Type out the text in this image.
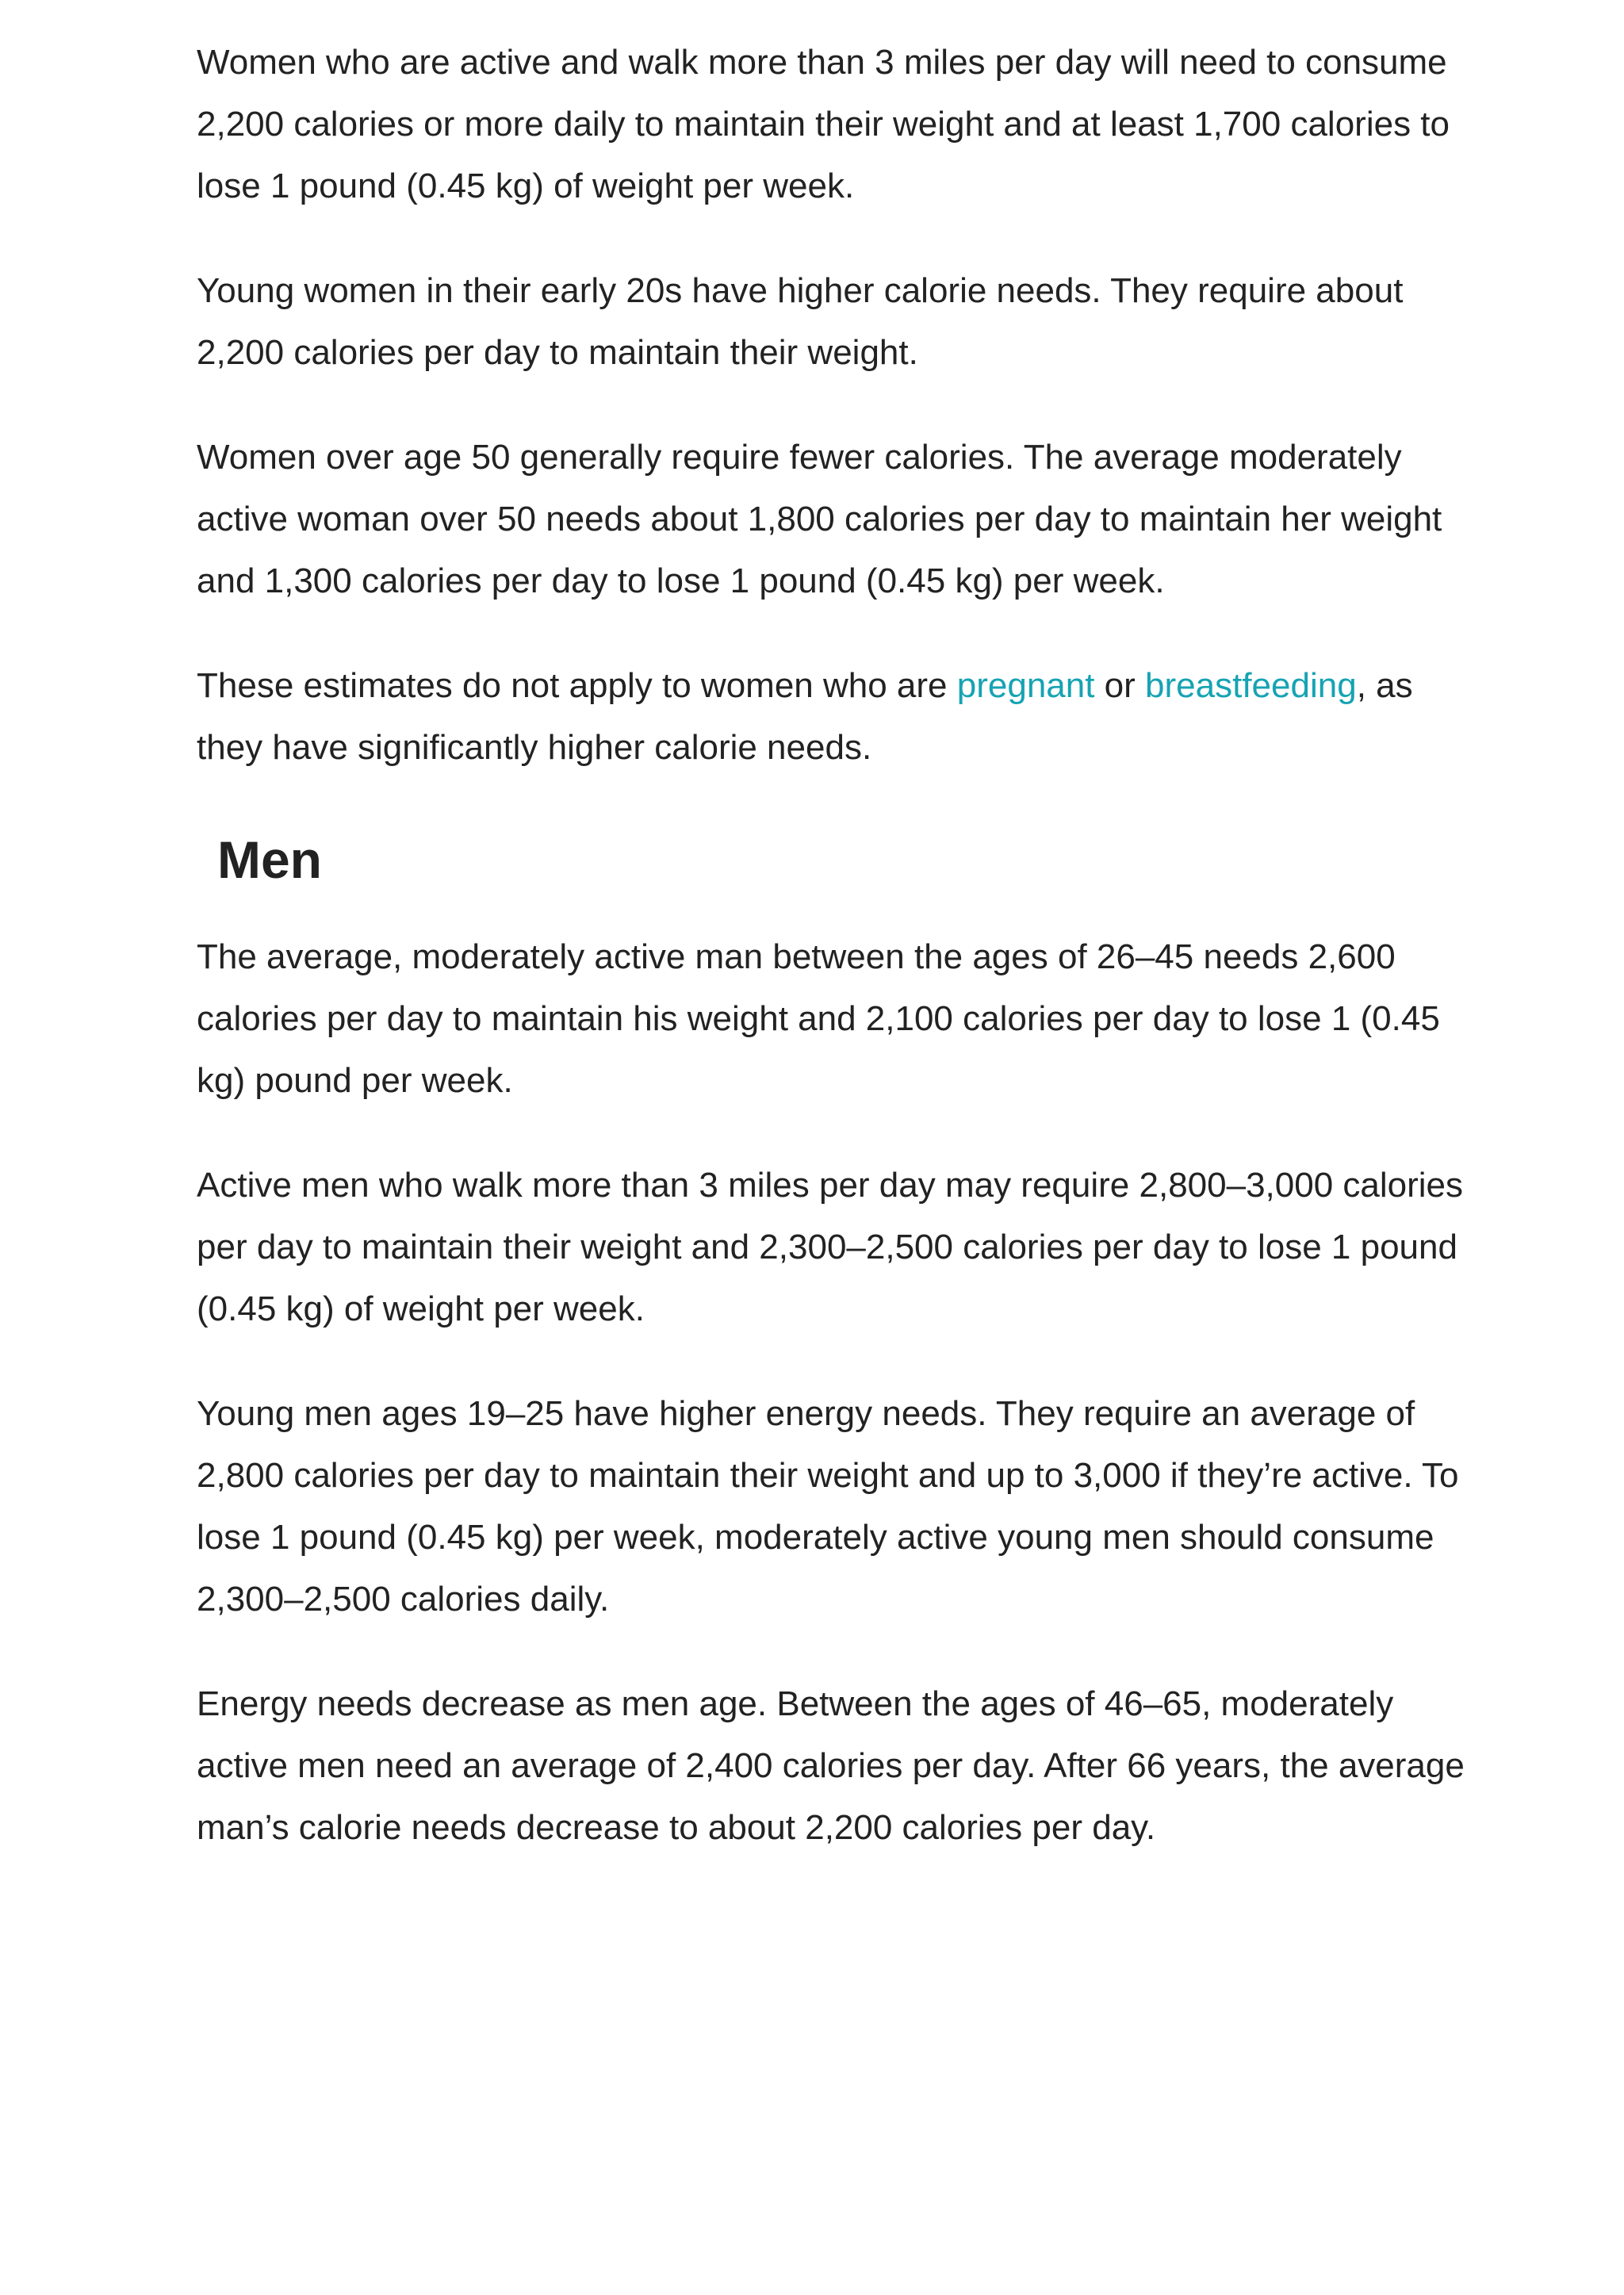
Women who are active and walk more than 3 miles per day will need to consume 2,200 calories or more daily to maintain their weight and at least 1,700 calories to lose 1 pound (0.45 kg) of weight per week.

Young women in their early 20s have higher calorie needs. They require about 2,200 calories per day to maintain their weight.

Women over age 50 generally require fewer calories. The average moderately active woman over 50 needs about 1,800 calories per day to maintain her weight and 1,300 calories per day to lose 1 pound (0.45 kg) per week.

These estimates do not apply to women who are pregnant or breastfeeding, as they have significantly higher calorie needs.

Men

The average, moderately active man between the ages of 26–45 needs 2,600 calories per day to maintain his weight and 2,100 calories per day to lose 1 (0.45 kg) pound per week.

Active men who walk more than 3 miles per day may require 2,800–3,000 calories per day to maintain their weight and 2,300–2,500 calories per day to lose 1 pound (0.45 kg) of weight per week.

Young men ages 19–25 have higher energy needs. They require an average of 2,800 calories per day to maintain their weight and up to 3,000 if they’re active. To lose 1 pound (0.45 kg) per week, moderately active young men should consume 2,300–2,500 calories daily.

Energy needs decrease as men age. Between the ages of 46–65, moderately active men need an average of 2,400 calories per day. After 66 years, the average man’s calorie needs decrease to about 2,200 calories per day.
